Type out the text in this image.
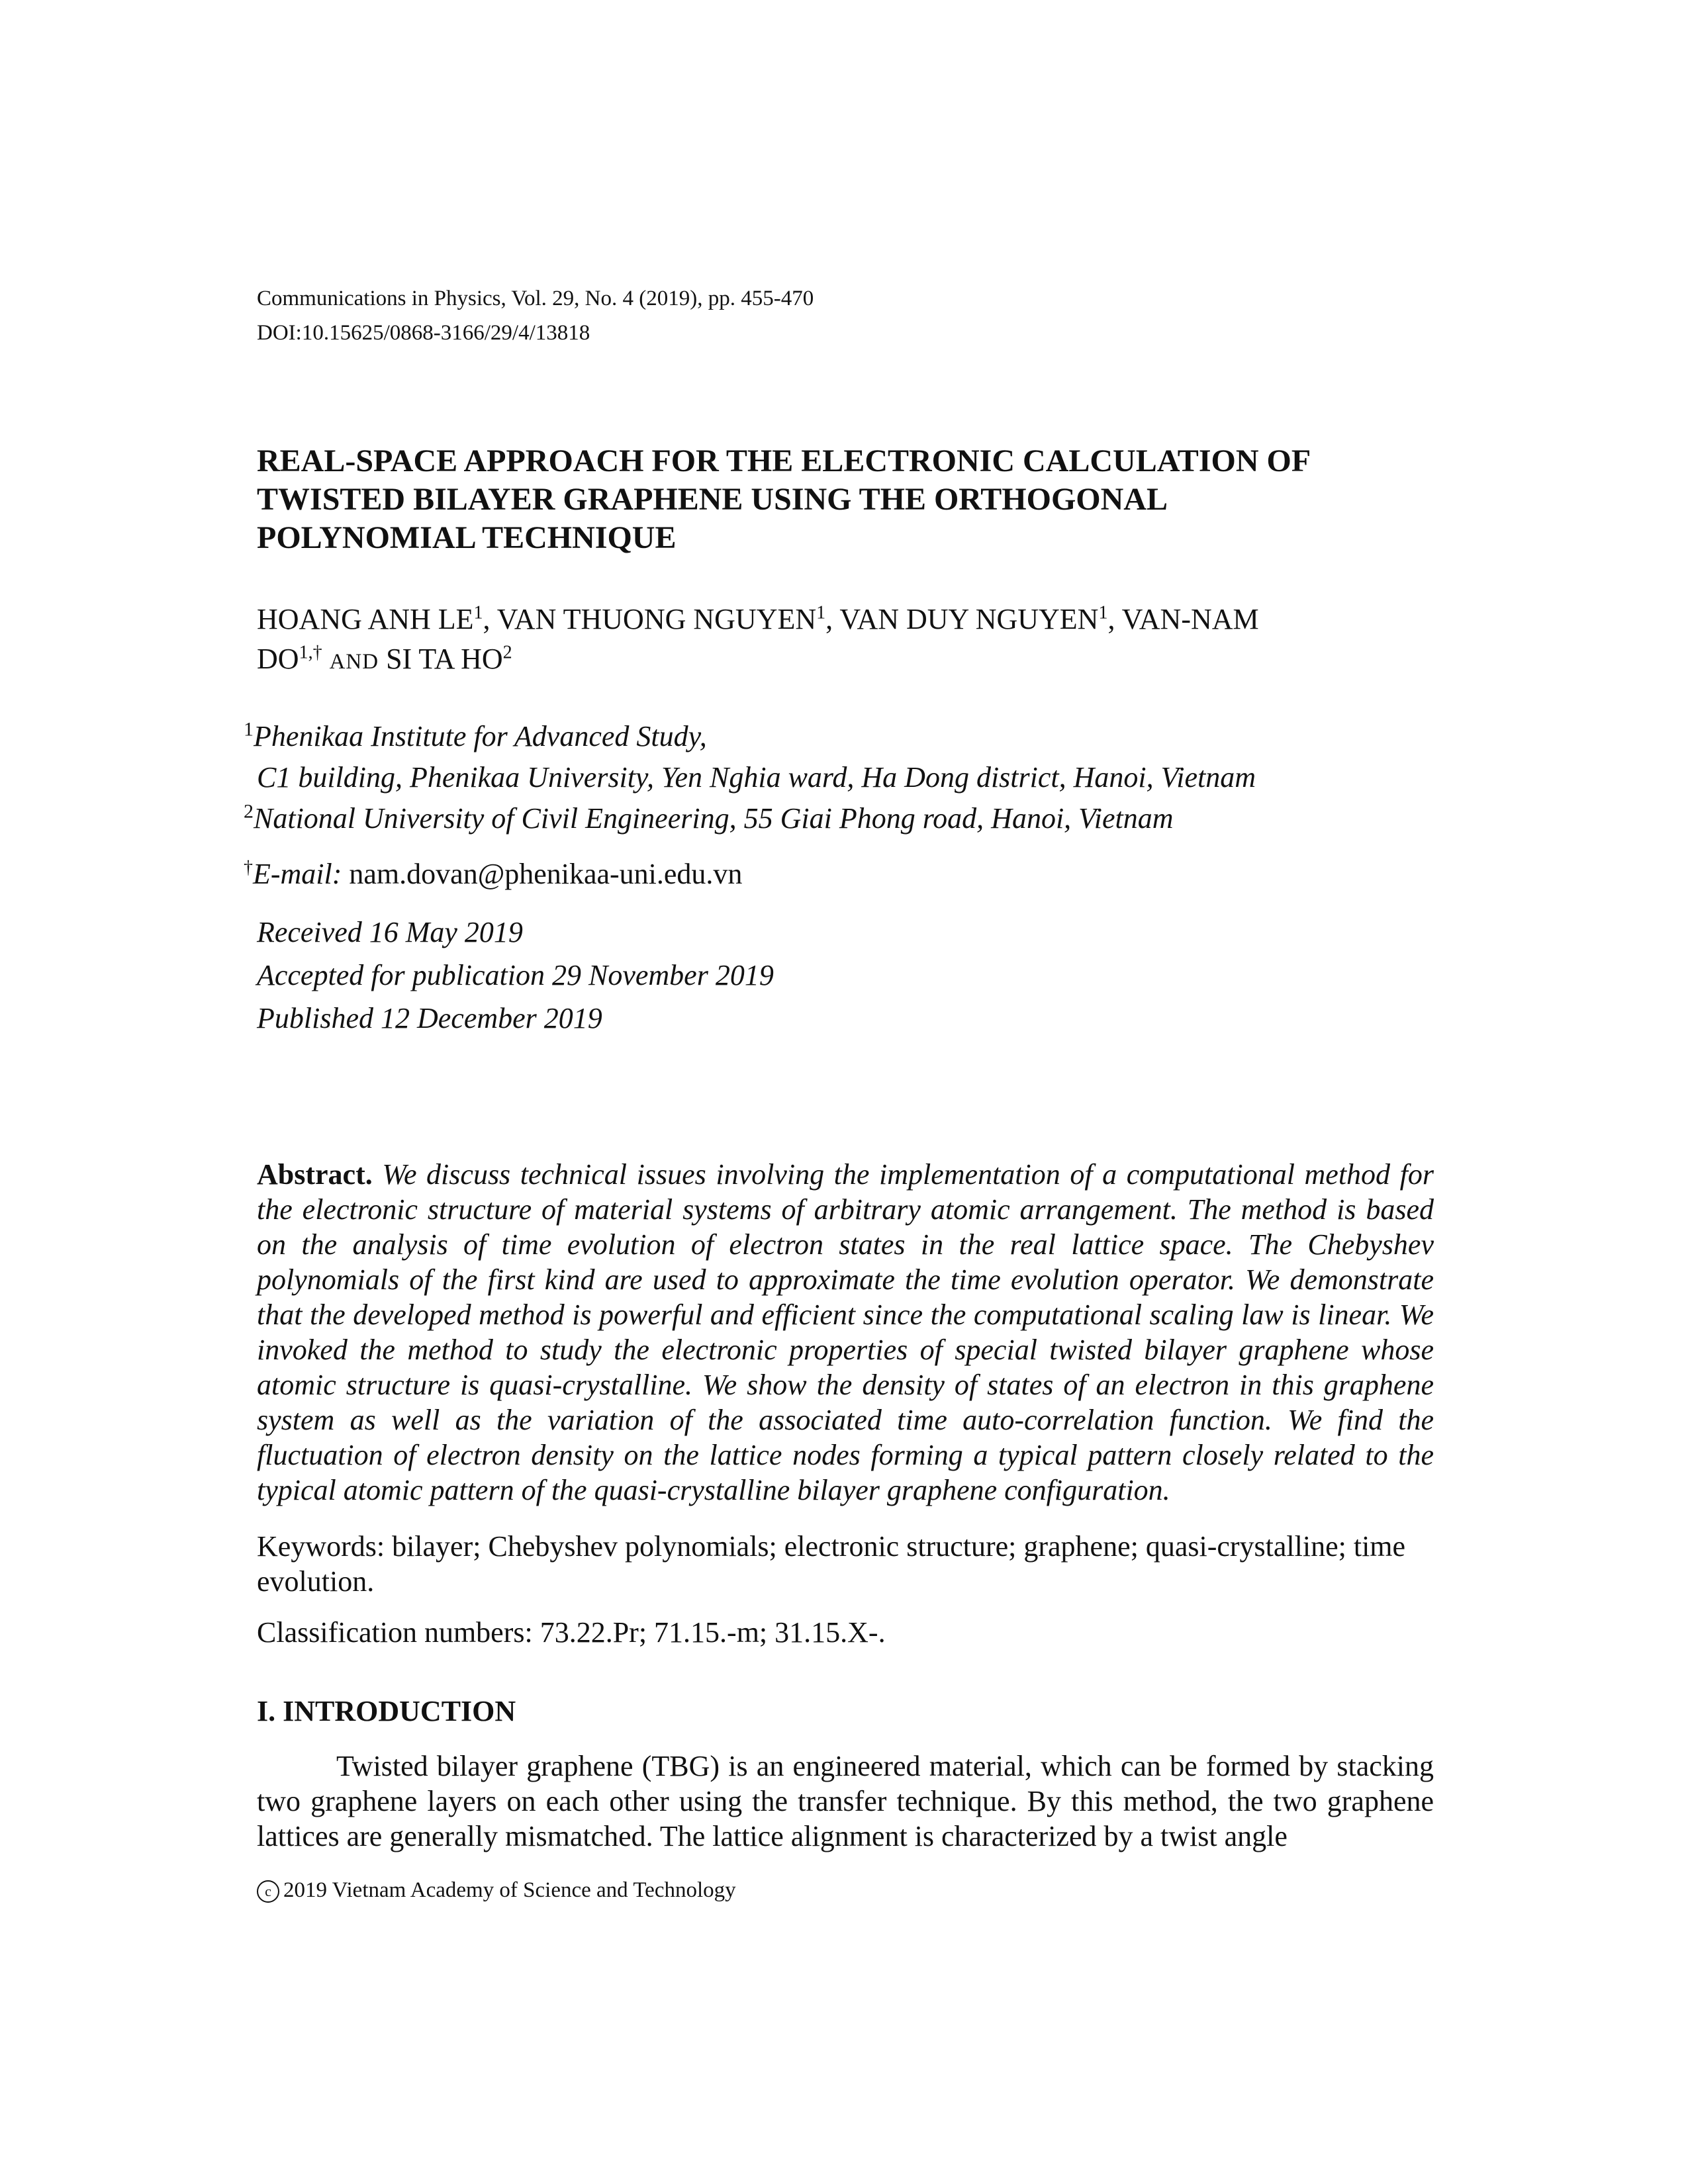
Communications in Physics, Vol. 29, No. 4 (2019), pp. 455-470
DOI:10.15625/0868-3166/29/4/13818
REAL-SPACE APPROACH FOR THE ELECTRONIC CALCULATION OF
TWISTED BILAYER GRAPHENE USING THE ORTHOGONAL
POLYNOMIAL TECHNIQUE
HOANG ANH $LE^1$, VAN THUONG NGUYEN$^1$, VAN DUY NGUYEN$^1$, VAN-NAM
$DO^{1,\dagger}$ AND SI TA $HO^2$
$^1$Phenikaa Institute for Advanced Study,
C1 building, Phenikaa University, Yen Nghia ward, Ha Dong district, Hanoi, Vietnam
$^2$National University of Civil Engineering, 55 Giai Phong road, Hanoi, Vietnam
†E-mail: nam.dovan@phenikaa-uni.edu.vn
Received 16 May 2019
Accepted for publication 29 November 2019
Published 12 December 2019
Abstract. We discuss technical issues involving the implementation of a computational method for the electronic structure of material systems of arbitrary atomic arrangement. The method is based on the analysis of time evolution of electron states in the real lattice space. The Chebyshev polynomials of the first kind are used to approximate the time evolution operator. We demonstrate that the developed method is powerful and efficient since the computational scaling law is linear. We invoked the method to study the electronic properties of special twisted bilayer graphene whose atomic structure is quasi-crystalline. We show the density of states of an electron in this graphene system as well as the variation of the associated time auto-correlation function. We find the fluctuation of electron density on the lattice nodes forming a typical pattern closely related to the typical atomic pattern of the quasi-crystalline bilayer graphene configuration.
Keywords: bilayer; Chebyshev polynomials; electronic structure; graphene; quasi-crystalline; time evolution.
Classification numbers: 73.22.Pr; 71.15.-m; 31.15.X-.
I. INTRODUCTION
Twisted bilayer graphene (TBG) is an engineered material, which can be formed by stacking two graphene layers on each other using the transfer technique. By this method, the two graphene lattices are generally mismatched. The lattice alignment is characterized by a twist angle
c 2019 Vietnam Academy of Science and Technology
